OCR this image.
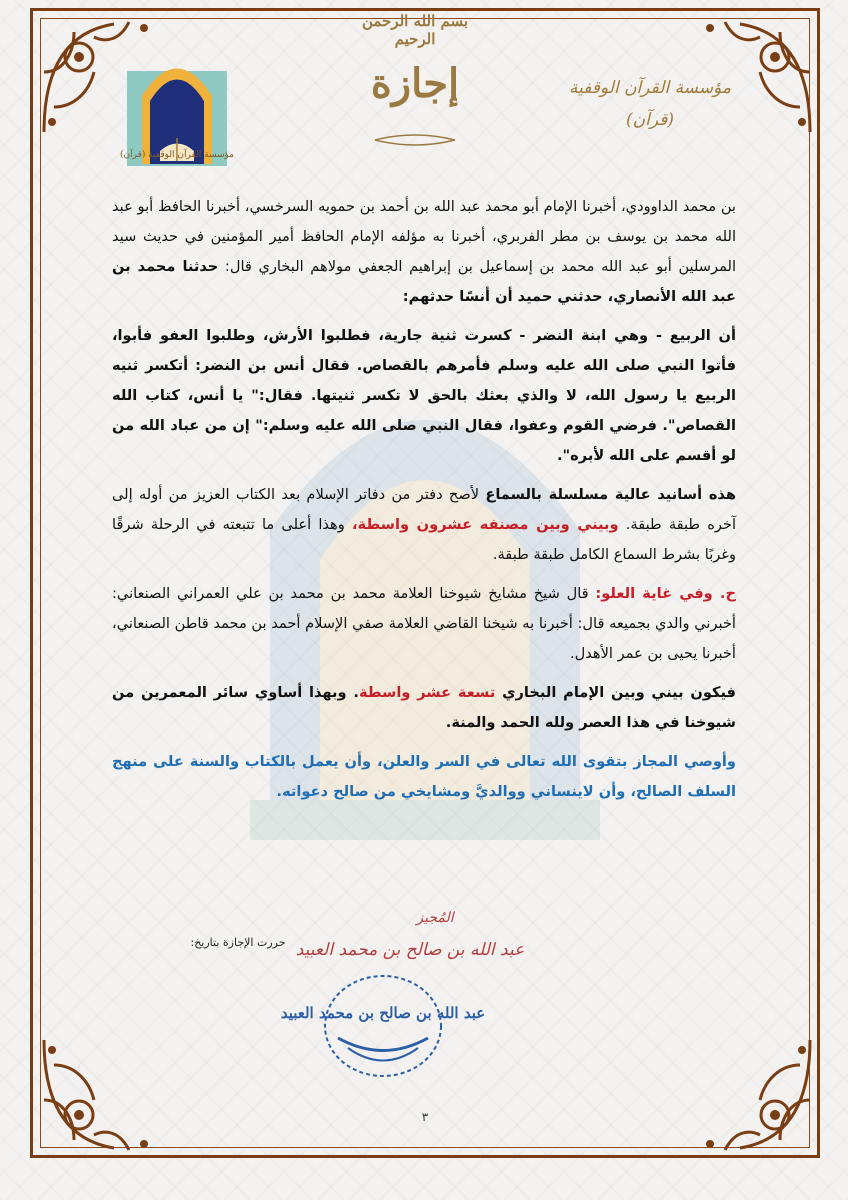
مؤسسة القرآن الوقفية (قرآن)
بسم الله الرحمن الرحيم
إجازة	مؤسسة القرآن الوقفية
(قرآن)

بن محمد الداوودي، أخبرنا الإمام أبو محمد عبد الله بن أحمد بن حمويه السرخسي، أخبرنا الحافظ أبو عبد الله محمد بن يوسف بن مطر الفربري، أخبرنا به مؤلفه الإمام الحافظ أمير المؤمنين في حديث سيد المرسلين أبو عبد الله محمد بن إسماعيل بن إبراهيم الجعفي مولاهم البخاري قال: حدثنا محمد بن عبد الله الأنصاري، حدثني حميد أن أنسًا حدثهم:

أن الربيع - وهي ابنة النضر - كسرت ثنية جارية، فطلبوا الأرش، وطلبوا العفو فأبوا، فأتوا النبي صلى الله عليه وسلم فأمرهم بالقصاص. فقال أنس بن النضر: أتكسر ثنيه الربيع يا رسول الله، لا والذي بعثك بالحق لا تكسر ثنيتها. فقال:" يا أنس، كتاب الله القصاص". فرضي القوم وعفوا، فقال النبي صلى الله عليه وسلم:" إن من عباد الله من لو أقسم على الله لأبره".

هذه أسانيد عالية مسلسلة بالسماع لأصح دفتر من دفاتر الإسلام بعد الكتاب العزيز من أوله إلى آخره طبقة طبقة. وبيني وبين مصنفه عشرون واسطة، وهذا أعلى ما تتبعته في الرحلة شرقًا وغربًا بشرط السماع الكامل طبقة طبقة.

ح. وفي غاية العلو: قال شيخ مشايخ شيوخنا العلامة محمد بن محمد بن علي العمراني الصنعاني: أخبرني والدي بجميعه قال: أخبرنا به شيخنا القاضي العلامة صفي الإسلام أحمد بن محمد قاطن الصنعاني، أخبرنا يحيى بن عمر الأهدل.

فيكون بيني وبين الإمام البخاري تسعة عشر واسطة. وبهذا أساوي سائر المعمرين من شيوخنا في هذا العصر ولله الحمد والمنة.

وأوصي المجاز بتقوى الله تعالى في السر والعلن، وأن يعمل بالكتاب والسنة على منهج السلف الصالح، وأن لاينساني ووالديَّ ومشايخي من صالح دعواته.

حررت الإجازة بتاريخ:
المُجيز
عبد الله بن صالح بن محمد العبيد
عبد الله بن صالح بن محمد العبيد
٣
